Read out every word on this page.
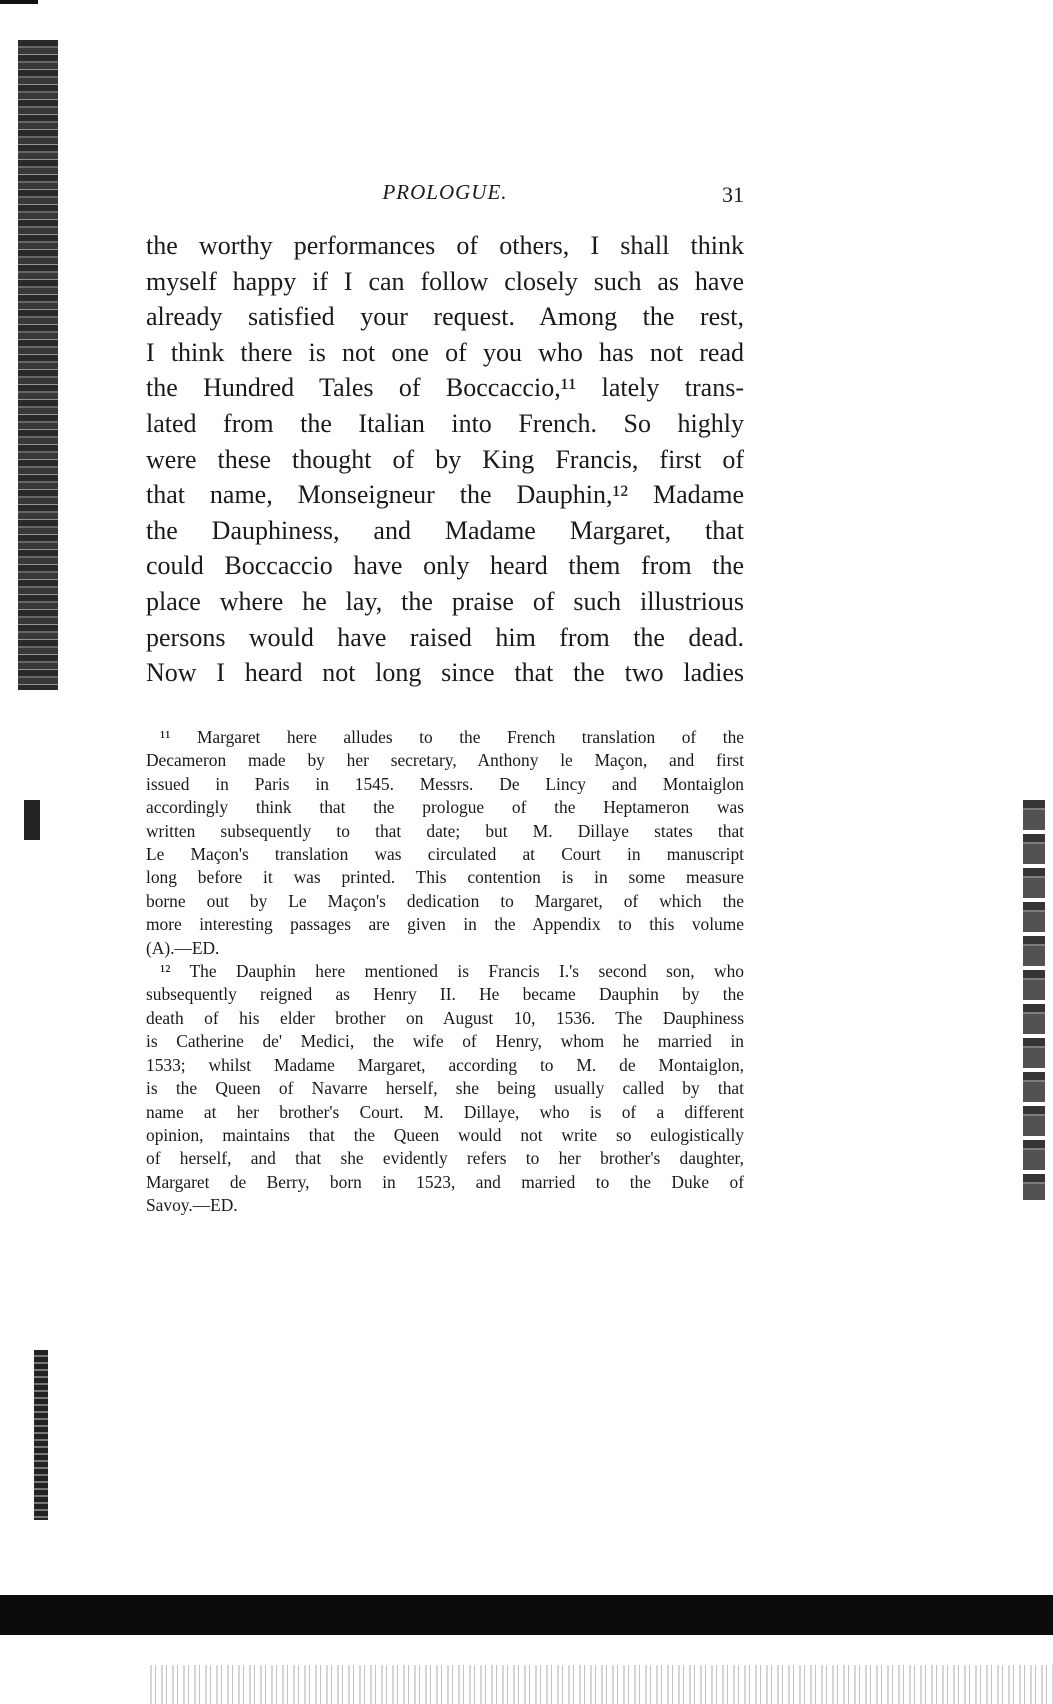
PROLOGUE.	31
the worthy performances of others, I shall think
myself happy if I can follow closely such as have
already satisfied your request. Among the rest,
I think there is not one of you who has not read
the Hundred Tales of Boccaccio,¹¹ lately trans-
lated from the Italian into French. So highly
were these thought of by King Francis, first of
that name, Monseigneur the Dauphin,¹² Madame
the Dauphiness, and Madame Margaret, that
could Boccaccio have only heard them from the
place where he lay, the praise of such illustrious
persons would have raised him from the dead.
Now I heard not long since that the two ladies
¹¹ Margaret here alludes to the French translation of the
Decameron made by her secretary, Anthony le Maçon, and first
issued in Paris in 1545. Messrs. De Lincy and Montaiglon
accordingly think that the prologue of the Heptameron was
written subsequently to that date; but M. Dillaye states that
Le Maçon's translation was circulated at Court in manuscript
long before it was printed. This contention is in some measure
borne out by Le Maçon's dedication to Margaret, of which the
more interesting passages are given in the Appendix to this volume
(A).—ED.
¹² The Dauphin here mentioned is Francis I.'s second son, who
subsequently reigned as Henry II. He became Dauphin by the
death of his elder brother on August 10, 1536. The Dauphiness
is Catherine de' Medici, the wife of Henry, whom he married in
1533; whilst Madame Margaret, according to M. de Montaiglon,
is the Queen of Navarre herself, she being usually called by that
name at her brother's Court. M. Dillaye, who is of a different
opinion, maintains that the Queen would not write so eulogistically
of herself, and that she evidently refers to her brother's daughter,
Margaret de Berry, born in 1523, and married to the Duke of
Savoy.—ED.
